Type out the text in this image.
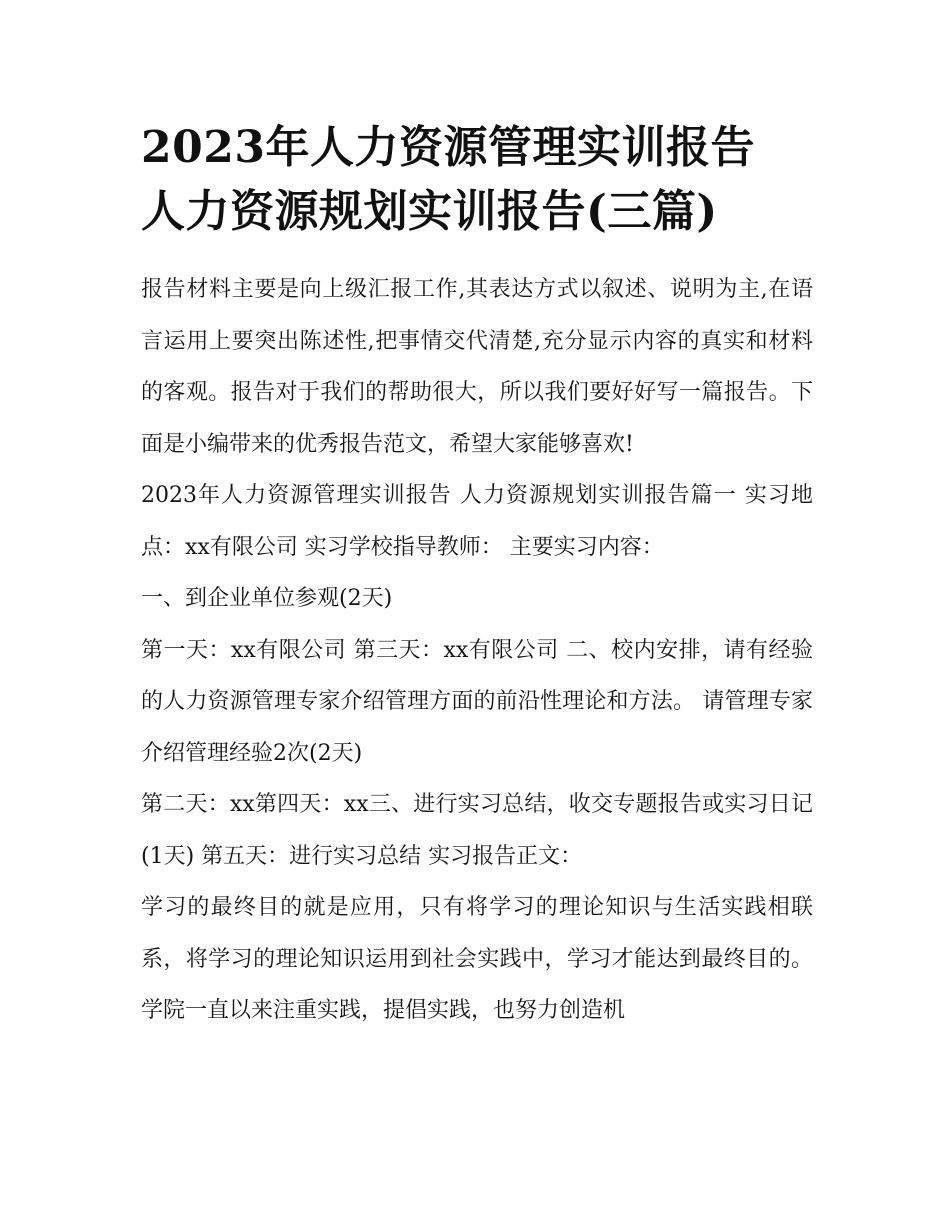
2023年人力资源管理实训报告
人力资源规划实训报告(三篇)

报告材料主要是向上级汇报工作,其表达方式以叙述、说明为主,在语言运用上要突出陈述性,把事情交代清楚,充分显示内容的真实和材料的客观。报告对于我们的帮助很大，所以我们要好好写一篇报告。下面是小编带来的优秀报告范文，希望大家能够喜欢!

2023年人力资源管理实训报告 人力资源规划实训报告篇一 实习地点：xx有限公司 实习学校指导教师： 主要实习内容：

一、到企业单位参观(2天)

第一天：xx有限公司 第三天：xx有限公司 二、校内安排，请有经验的人力资源管理专家介绍管理方面的前沿性理论和方法。 请管理专家介绍管理经验2次(2天)

第二天：xx第四天：xx三、进行实习总结，收交专题报告或实习日记(1天) 第五天：进行实习总结 实习报告正文：

学习的最终目的就是应用，只有将学习的理论知识与生活实践相联系，将学习的理论知识运用到社会实践中，学习才能达到最终目的。学院一直以来注重实践，提倡实践，也努力创造机
